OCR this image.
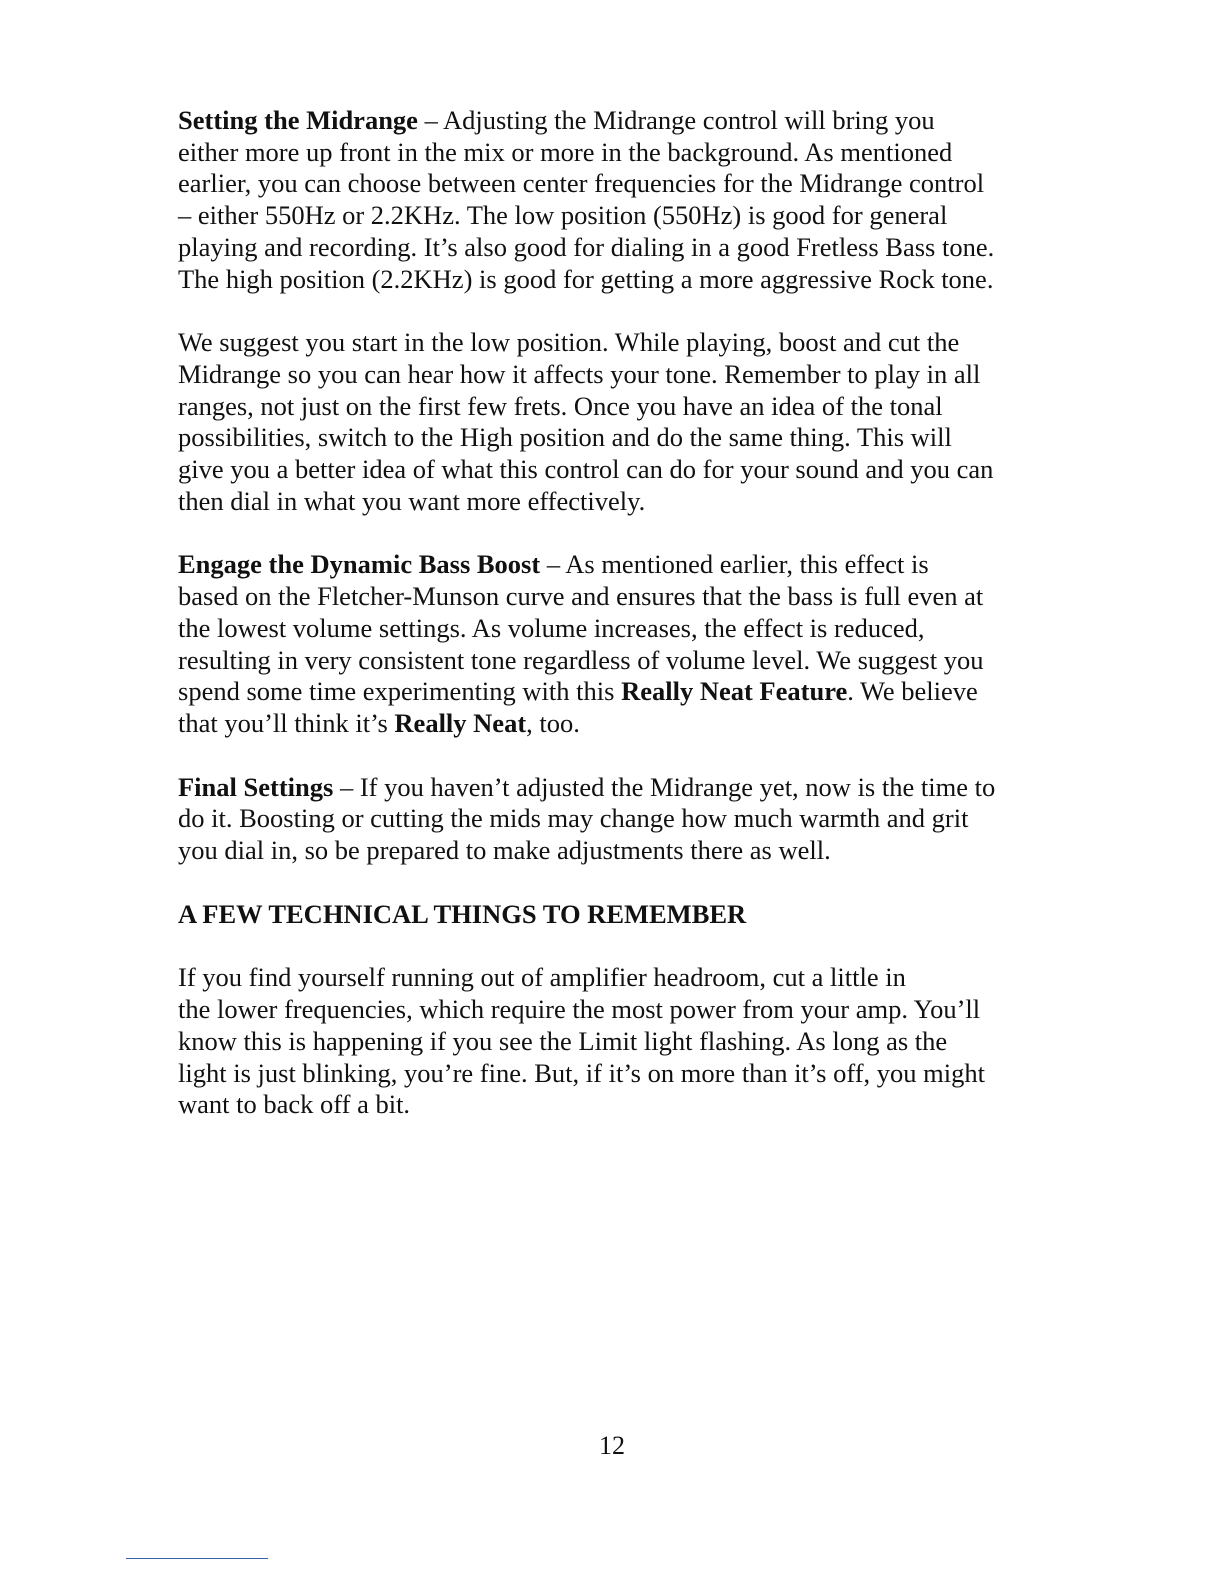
Setting the Midrange – Adjusting the Midrange control will bring you
either more up front in the mix or more in the background. As mentioned
earlier, you can choose between center frequencies for the Midrange control
– either 550Hz or 2.2KHz. The low position (550Hz) is good for general
playing and recording. It’s also good for dialing in a good Fretless Bass tone.
The high position (2.2KHz) is good for getting a more aggressive Rock tone.

We suggest you start in the low position. While playing, boost and cut the
Midrange so you can hear how it affects your tone. Remember to play in all
ranges, not just on the first few frets. Once you have an idea of the tonal
possibilities, switch to the High position and do the same thing. This will
give you a better idea of what this control can do for your sound and you can
then dial in what you want more effectively.

Engage the Dynamic Bass Boost – As mentioned earlier, this effect is
based on the Fletcher-Munson curve and ensures that the bass is full even at
the lowest volume settings. As volume increases, the effect is reduced,
resulting in very consistent tone regardless of volume level. We suggest you
spend some time experimenting with this Really Neat Feature. We believe
that you’ll think it’s Really Neat, too.

Final Settings – If you haven’t adjusted the Midrange yet, now is the time to
do it. Boosting or cutting the mids may change how much warmth and grit
you dial in, so be prepared to make adjustments there as well.

A FEW TECHNICAL THINGS TO REMEMBER

If you find yourself running out of amplifier headroom, cut a little in
the lower frequencies, which require the most power from your amp. You’ll
know this is happening if you see the Limit light flashing. As long as the
light is just blinking, you’re fine. But, if it’s on more than it’s off, you might
want to back off a bit.

12
